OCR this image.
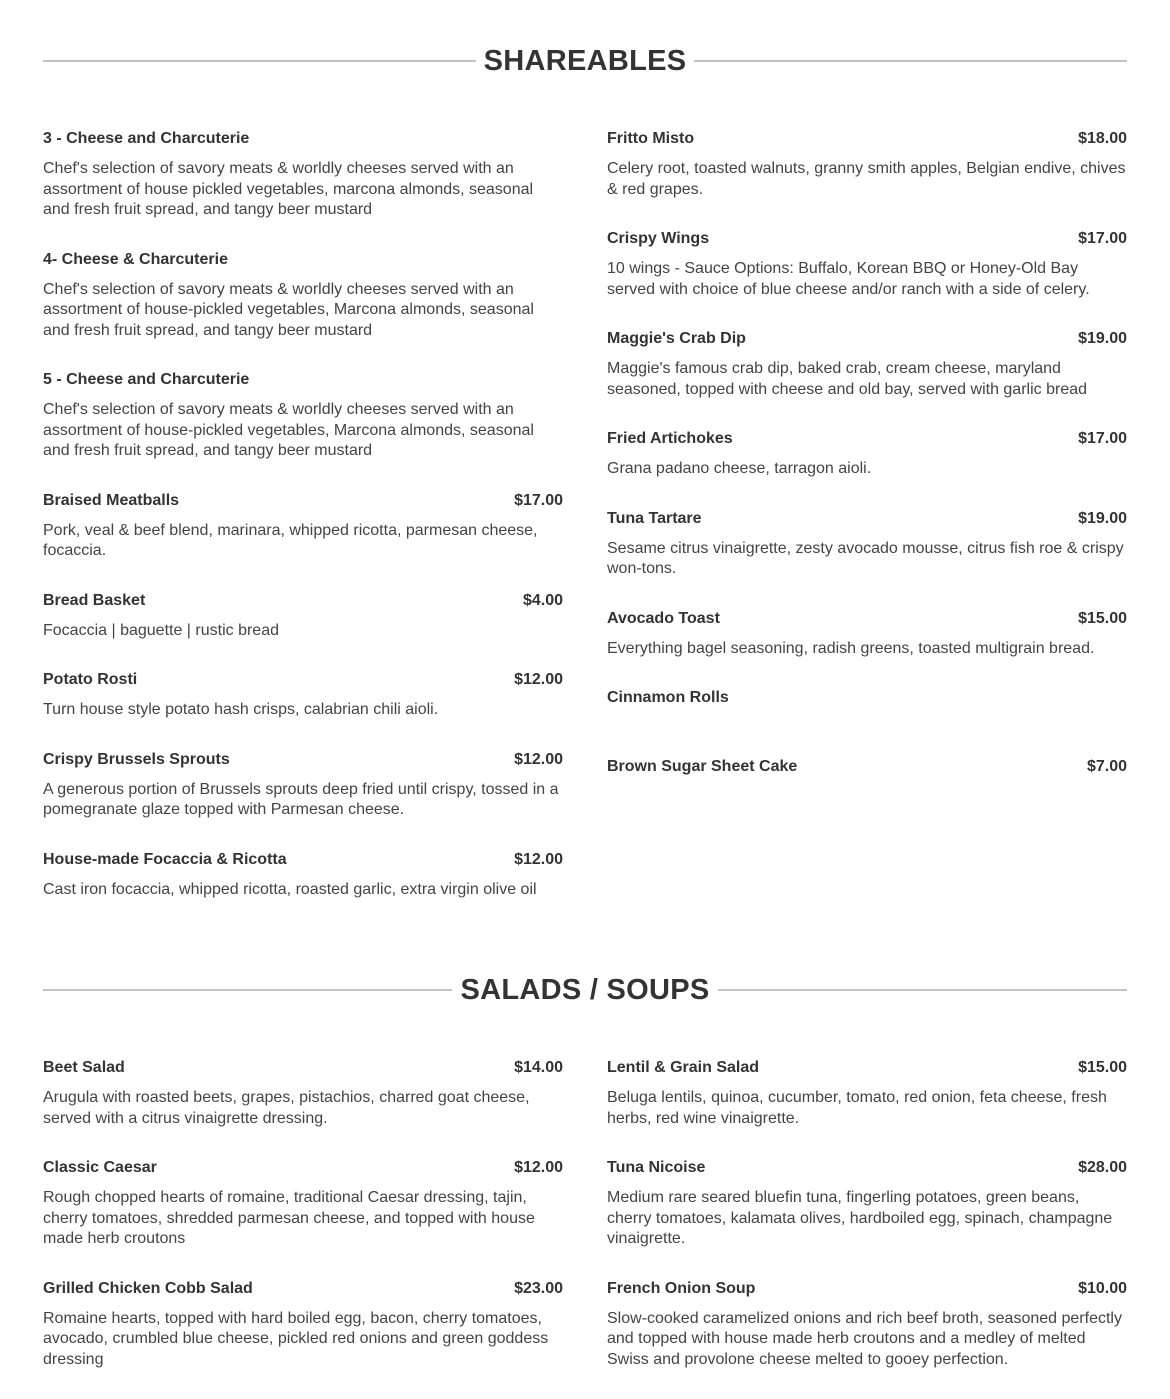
SHAREABLES
3 - Cheese and Charcuterie
Chef's selection of savory meats & worldly cheeses served with an assortment of house pickled vegetables, marcona almonds, seasonal and fresh fruit spread, and tangy beer mustard
4- Cheese & Charcuterie
Chef's selection of savory meats & worldly cheeses served with an assortment of house-pickled vegetables, Marcona almonds, seasonal and fresh fruit spread, and tangy beer mustard
5 - Cheese and Charcuterie
Chef's selection of savory meats & worldly cheeses served with an assortment of house-pickled vegetables, Marcona almonds, seasonal and fresh fruit spread, and tangy beer mustard
Braised Meatballs	$17.00
Pork, veal & beef blend, marinara, whipped ricotta, parmesan cheese, focaccia.
Bread Basket	$4.00
Focaccia | baguette | rustic bread
Potato Rosti	$12.00
Turn house style potato hash crisps, calabrian chili aioli.
Crispy Brussels Sprouts	$12.00
A generous portion of Brussels sprouts deep fried until crispy, tossed in a pomegranate glaze topped with Parmesan cheese.
House-made Focaccia & Ricotta	$12.00
Cast iron focaccia, whipped ricotta, roasted garlic, extra virgin olive oil
Fritto Misto	$18.00
Celery root, toasted walnuts, granny smith apples, Belgian endive, chives & red grapes.
Crispy Wings	$17.00
10 wings - Sauce Options: Buffalo, Korean BBQ or Honey-Old Bay served with choice of blue cheese and/or ranch with a side of celery.
Maggie's Crab Dip	$19.00
Maggie's famous crab dip, baked crab, cream cheese, maryland seasoned, topped with cheese and old bay, served with garlic bread
Fried Artichokes	$17.00
Grana padano cheese, tarragon aioli.
Tuna Tartare	$19.00
Sesame citrus vinaigrette, zesty avocado mousse, citrus fish roe & crispy won-tons.
Avocado Toast	$15.00
Everything bagel seasoning, radish greens, toasted multigrain bread.
Cinnamon Rolls
Brown Sugar Sheet Cake	$7.00
SALADS / SOUPS
Beet Salad	$14.00
Arugula with roasted beets, grapes, pistachios, charred goat cheese, served with a citrus vinaigrette dressing.
Classic Caesar	$12.00
Rough chopped hearts of romaine, traditional Caesar dressing, tajin, cherry tomatoes, shredded parmesan cheese, and topped with house made herb croutons
Grilled Chicken Cobb Salad	$23.00
Romaine hearts, topped with hard boiled egg, bacon, cherry tomatoes, avocado, crumbled blue cheese, pickled red onions and green goddess dressing
Lentil & Grain Salad	$15.00
Beluga lentils, quinoa, cucumber, tomato, red onion, feta cheese, fresh herbs, red wine vinaigrette.
Tuna Nicoise	$28.00
Medium rare seared bluefin tuna, fingerling potatoes, green beans, cherry tomatoes, kalamata olives, hardboiled egg, spinach, champagne vinaigrette.
French Onion Soup	$10.00
Slow-cooked caramelized onions and rich beef broth, seasoned perfectly and topped with house made herb croutons and a medley of melted Swiss and provolone cheese melted to gooey perfection.
